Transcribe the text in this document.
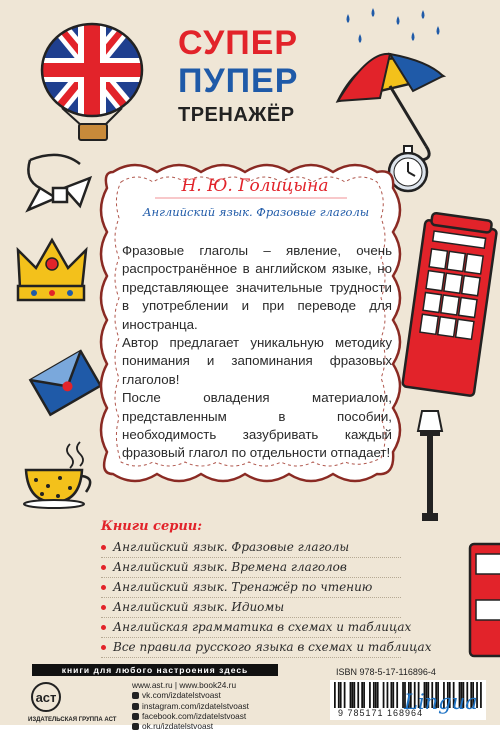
СУПЕР
ПУПЕР
ТРЕНАЖЁР
Н. Ю. Голицына
Английский язык. Фразовые глаголы

Фразовые глаголы – явление, очень распространённое в английском языке, но представляющее значительные трудности в употреблении и при переводе для иностранца.

Автор предлагает уникальную методику понимания и запоминания фразовых глаголов!

После овладения материалом, представленным в пособии, необходимость зазубривать каждый фразовый глагол по отдельности отпадает!

Книги серии:
Английский язык. Фразовые глаголы
Английский язык. Времена глаголов
Английский язык. Тренажёр по чтению
Английский язык. Идиомы
Английская грамматика в схемах и таблицах
Все правила русского языка в схемах и таблицах
книги для любого настроения здесь
аст
ИЗДАТЕЛЬСКАЯ ГРУППА АСТ
www.ast.ru | www.book24.ru
vk.com/izdatelstvoast
instagram.com/izdatelstvoast
facebook.com/izdatelstvoast
ok.ru/izdatelstvoast
ISBN 978-5-17-116896-4
9 785171 168964
Lingua
